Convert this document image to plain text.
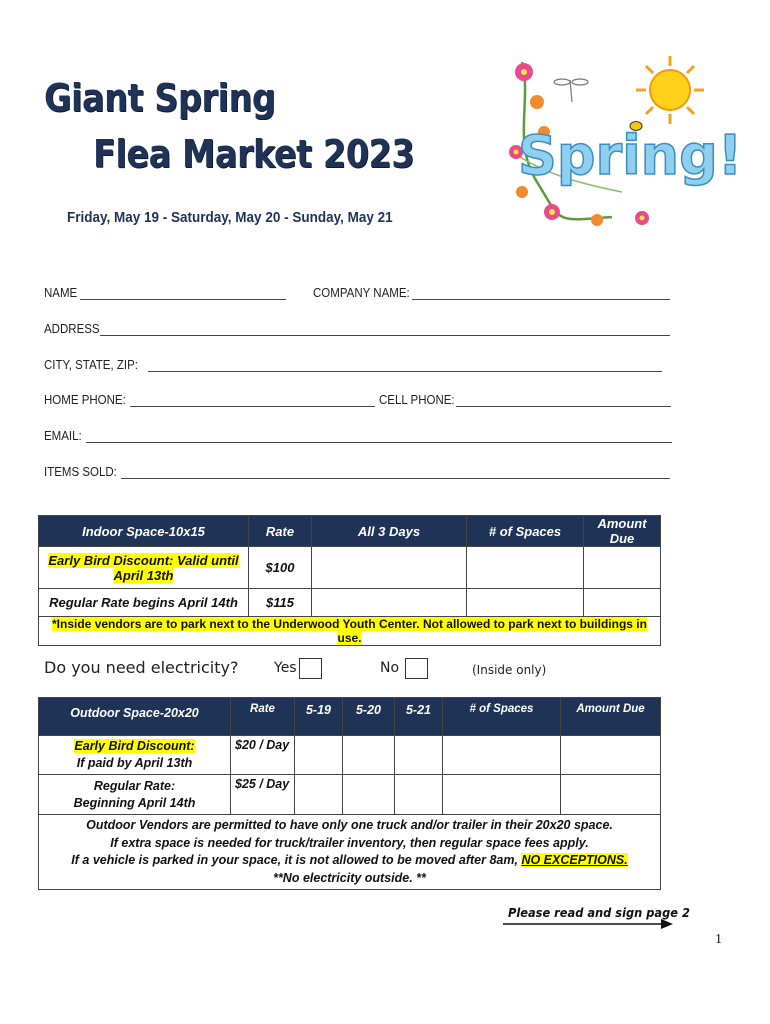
Giant Spring
Flea Market 2023
Friday, May 19 - Saturday, May 20 - Sunday, May 21
Spring!
NAME	COMPANY NAME:
ADDRESS
CITY, STATE, ZIP:
HOME PHONE:	CELL PHONE:
EMAIL:
ITEMS SOLD:
Indoor Space-10x15	Rate	All 3 Days	# of Spaces	Amount Due
Early Bird Discount: Valid until April 13th	$100			
Regular Rate begins April 14th	$115			
*Inside vendors are to park next to the Underwood Youth Center. Not allowed to park next to buildings in use.				
Do you need electricity?	Yes	No	(Inside only)
Outdoor Space-20x20	Rate	5-19	5-20	5-21	# of Spaces	Amount Due
Early Bird Discount:
If paid by April 13th	$20 / Day					
Regular Rate:
Beginning April 14th	$25 / Day					

Outdoor Vendors are permitted to have only one truck and/or trailer in their 20x20 space.
If extra space is needed for truck/trailer inventory, then regular space fees apply.
If a vehicle is parked in your space, it is not allowed to be moved after 8am, NO EXCEPTIONS.
**No electricity outside. **						
Please read and sign page 2
1
